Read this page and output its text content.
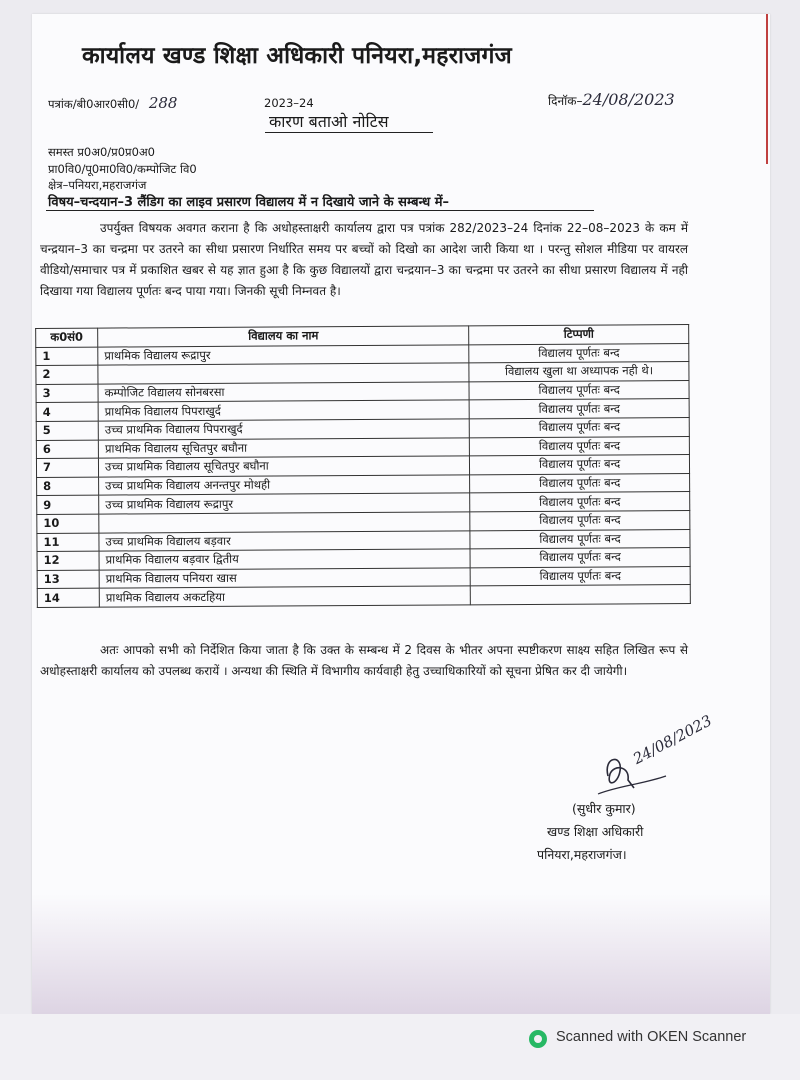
कार्यालय खण्ड शिक्षा अधिकारी पनियरा,महराजगंज
पत्रांक/बी0आर0सी0/ 288	2023–24	दिनॉक–24/08/2023
कारण बताओ नोटिस
समस्त प्र0अ0/प्र0प्र0अ0
प्रा0वि0/पू0मा0वि0/कम्पोजिट वि0
क्षेत्र–पनियरा,महराजगंज
विषय–चन्दयान–3 लैंडिग का लाइव प्रसारण विद्यालय में न दिखाये जाने के सम्बन्ध में–
उपर्युक्त विषयक अवगत कराना है कि अधोहस्ताक्षरी कार्यालय द्वारा पत्र पत्रांक 282/2023–24 दिनांक 22–08–2023 के कम में चन्द्रयान–3 का चन्द्रमा पर उतरने का सीधा प्रसारण निर्धारित समय पर बच्चों को दिखो का आदेश जारी किया था । परन्तु सोशल मीडिया पर वायरल वीडियो/समाचार पत्र में प्रकाशित खबर से यह ज्ञात हुआ है कि कुछ विद्यालयों द्वारा चन्द्रयान–3 का चन्द्रमा पर उतरने का सीधा प्रसारण विद्यालय में नही दिखाया गया विद्यालय पूर्णतः बन्द पाया गया। जिनकी सूची निम्नवत है।
क0सं0	विद्यालय का नाम	टिप्पणी
1	प्राथमिक विद्यालय रूद्रापुर	विद्यालय पूर्णतः बन्द
2		विद्यालय खुला था अध्यापक नही थे।
3	कम्पोजिट विद्यालय सोनबरसा	विद्यालय पूर्णतः बन्द
4	प्राथमिक विद्यालय पिपराखुर्द	विद्यालय पूर्णतः बन्द
5	उच्च प्राथमिक विद्यालय पिपराखुर्द	विद्यालय पूर्णतः बन्द
6	प्राथमिक विद्यालय सूचितपुर बघौना	विद्यालय पूर्णतः बन्द
7	उच्च प्राथमिक विद्यालय सूचितपुर बघौना	विद्यालय पूर्णतः बन्द
8	उच्च प्राथमिक विद्यालय अनन्तपुर मोथही	विद्यालय पूर्णतः बन्द
9	उच्च प्राथमिक विद्यालय रूद्रापुर	विद्यालय पूर्णतः बन्द
10		विद्यालय पूर्णतः बन्द
11	उच्च प्राथमिक विद्यालय बड़वार	विद्यालय पूर्णतः बन्द
12	प्राथमिक विद्यालय बड़वार द्वितीय	विद्यालय पूर्णतः बन्द
13	प्राथमिक विद्यालय पनियरा खास	विद्यालय पूर्णतः बन्द
14	प्राथमिक विद्यालय अकटहिया	
अतः आपको सभी को निर्देशित किया जाता है कि उक्त के सम्बन्ध में 2 दिवस के भीतर अपना स्पष्टीकरण साक्ष्य सहित लिखित रूप से अधोहस्ताक्षरी कार्यालय को उपलब्ध करायें । अन्यथा की स्थिति में विभागीय कार्यवाही हेतु उच्चाधिकारियों को सूचना प्रेषित कर दी जायेगी।
24/08/2023
(सुधीर कुमार)
खण्ड शिक्षा अधिकारी
पनियरा,महराजगंज।
Scanned with OKEN Scanner
